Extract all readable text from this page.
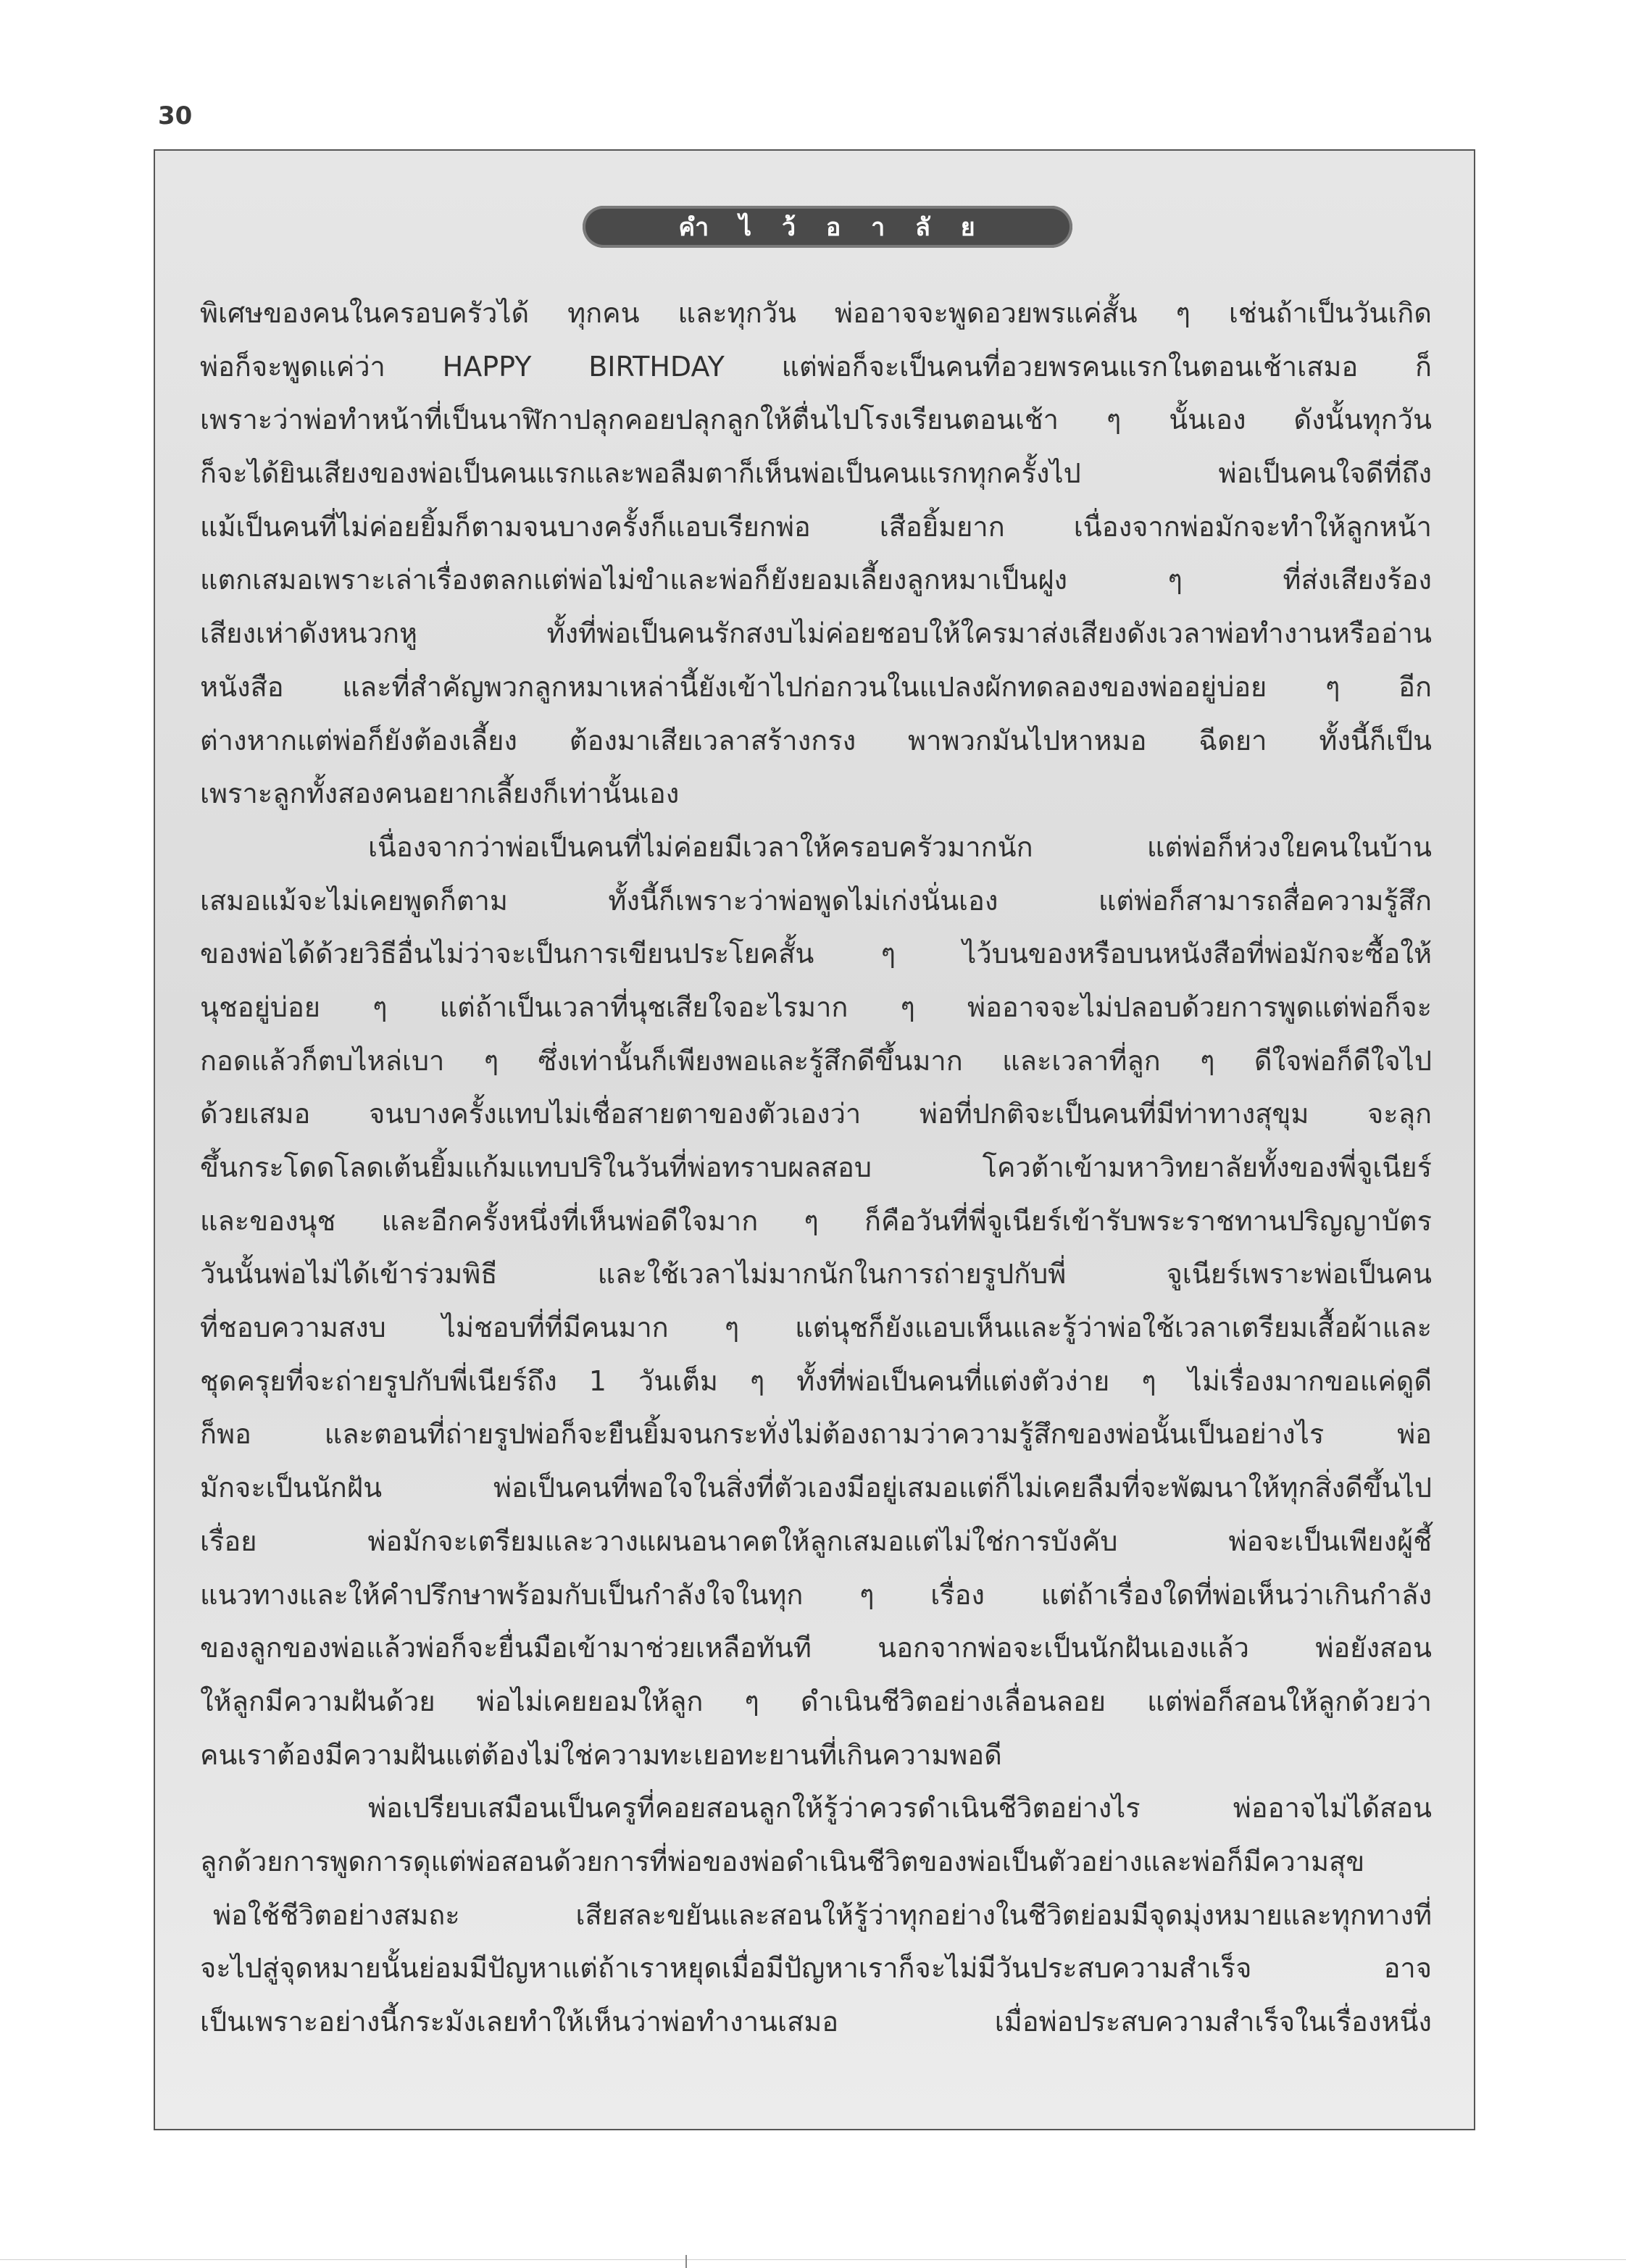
30
คำ ไ ว้ อ า ลั ย
พิเศษของคนในครอบครัวได้ ทุกคน และทุกวัน พ่ออาจจะพูดอวยพรแค่สั้น ๆ เช่นถ้าเป็นวันเกิด
พ่อก็จะพูดแค่ว่า HAPPY BIRTHDAY แต่พ่อก็จะเป็นคนที่อวยพรคนแรกในตอนเช้าเสมอ ก็
เพราะว่าพ่อทำหน้าที่เป็นนาฬิกาปลุกคอยปลุกลูกให้ตื่นไปโรงเรียนตอนเช้า ๆ นั้นเอง ดังนั้นทุกวัน
ก็จะได้ยินเสียงของพ่อเป็นคนแรกและพอลืมตาก็เห็นพ่อเป็นคนแรกทุกครั้งไป พ่อเป็นคนใจดีที่ถึง
แม้เป็นคนที่ไม่ค่อยยิ้มก็ตามจนบางครั้งก็แอบเรียกพ่อ เสือยิ้มยาก เนื่องจากพ่อมักจะทำให้ลูกหน้า
แตกเสมอเพราะเล่าเรื่องตลกแต่พ่อไม่ขำและพ่อก็ยังยอมเลี้ยงลูกหมาเป็นฝูง ๆ ที่ส่งเสียงร้อง
เสียงเห่าดังหนวกหู ทั้งที่พ่อเป็นคนรักสงบไม่ค่อยชอบให้ใครมาส่งเสียงดังเวลาพ่อทำงานหรืออ่าน
หนังสือ และที่สำคัญพวกลูกหมาเหล่านี้ยังเข้าไปก่อกวนในแปลงผักทดลองของพ่ออยู่บ่อย ๆ อีก
ต่างหากแต่พ่อก็ยังต้องเลี้ยง ต้องมาเสียเวลาสร้างกรง พาพวกมันไปหาหมอ ฉีดยา ทั้งนี้ก็เป็น
เพราะลูกทั้งสองคนอยากเลี้ยงก็เท่านั้นเอง
เนื่องจากว่าพ่อเป็นคนที่ไม่ค่อยมีเวลาให้ครอบครัวมากนัก แต่พ่อก็ห่วงใยคนในบ้าน
เสมอแม้จะไม่เคยพูดก็ตาม ทั้งนี้ก็เพราะว่าพ่อพูดไม่เก่งนั่นเอง แต่พ่อก็สามารถสื่อความรู้สึก
ของพ่อได้ด้วยวิธีอื่นไม่ว่าจะเป็นการเขียนประโยคสั้น ๆ ไว้บนของหรือบนหนังสือที่พ่อมักจะซื้อให้
นุชอยู่บ่อย ๆ แต่ถ้าเป็นเวลาที่นุชเสียใจอะไรมาก ๆ พ่ออาจจะไม่ปลอบด้วยการพูดแต่พ่อก็จะ
กอดแล้วก็ตบไหล่เบา ๆ ซึ่งเท่านั้นก็เพียงพอและรู้สึกดีขึ้นมาก และเวลาที่ลูก ๆ ดีใจพ่อก็ดีใจไป
ด้วยเสมอ จนบางครั้งแทบไม่เชื่อสายตาของตัวเองว่า พ่อที่ปกติจะเป็นคนที่มีท่าทางสุขุม จะลุก
ขึ้นกระโดดโลดเต้นยิ้มแก้มแทบปริในวันที่พ่อทราบผลสอบ โควต้าเข้ามหาวิทยาลัยทั้งของพี่จูเนียร์
และของนุช และอีกครั้งหนึ่งที่เห็นพ่อดีใจมาก ๆ ก็คือวันที่พี่จูเนียร์เข้ารับพระราชทานปริญญาบัตร
วันนั้นพ่อไม่ได้เข้าร่วมพิธี และใช้เวลาไม่มากนักในการถ่ายรูปกับพี่ จูเนียร์เพราะพ่อเป็นคน
ที่ชอบความสงบ ไม่ชอบที่ที่มีคนมาก ๆ แต่นุชก็ยังแอบเห็นและรู้ว่าพ่อใช้เวลาเตรียมเสื้อผ้าและ
ชุดครุยที่จะถ่ายรูปกับพี่เนียร์ถึง 1 วันเต็ม ๆ ทั้งที่พ่อเป็นคนที่แต่งตัวง่าย ๆ ไม่เรื่องมากขอแค่ดูดี
ก็พอ และตอนที่ถ่ายรูปพ่อก็จะยืนยิ้มจนกระทั่งไม่ต้องถามว่าความรู้สึกของพ่อนั้นเป็นอย่างไร พ่อ
มักจะเป็นนักฝัน พ่อเป็นคนที่พอใจในสิ่งที่ตัวเองมีอยู่เสมอแต่ก็ไม่เคยลืมที่จะพัฒนาให้ทุกสิ่งดีขึ้นไป
เรื่อย พ่อมักจะเตรียมและวางแผนอนาคตให้ลูกเสมอแต่ไม่ใช่การบังคับ พ่อจะเป็นเพียงผู้ชี้
แนวทางและให้คำปรึกษาพร้อมกับเป็นกำลังใจในทุก ๆ เรื่อง แต่ถ้าเรื่องใดที่พ่อเห็นว่าเกินกำลัง
ของลูกของพ่อแล้วพ่อก็จะยื่นมือเข้ามาช่วยเหลือทันที นอกจากพ่อจะเป็นนักฝันเองแล้ว พ่อยังสอน
ให้ลูกมีความฝันด้วย พ่อไม่เคยยอมให้ลูก ๆ ดำเนินชีวิตอย่างเลื่อนลอย แต่พ่อก็สอนให้ลูกด้วยว่า
คนเราต้องมีความฝันแต่ต้องไม่ใช่ความทะเยอทะยานที่เกินความพอดี
พ่อเปรียบเสมือนเป็นครูที่คอยสอนลูกให้รู้ว่าควรดำเนินชีวิตอย่างไร พ่ออาจไม่ได้สอน
ลูกด้วยการพูดการดุแต่พ่อสอนด้วยการที่พ่อของพ่อดำเนินชีวิตของพ่อเป็นตัวอย่างและพ่อก็มีความสุข
พ่อใช้ชีวิตอย่างสมถะ เสียสละขยันและสอนให้รู้ว่าทุกอย่างในชีวิตย่อมมีจุดมุ่งหมายและทุกทางที่
จะไปสู่จุดหมายนั้นย่อมมีปัญหาแต่ถ้าเราหยุดเมื่อมีปัญหาเราก็จะไม่มีวันประสบความสำเร็จ อาจ
เป็นเพราะอย่างนี้กระมังเลยทำให้เห็นว่าพ่อทำงานเสมอ เมื่อพ่อประสบความสำเร็จในเรื่องหนึ่ง
